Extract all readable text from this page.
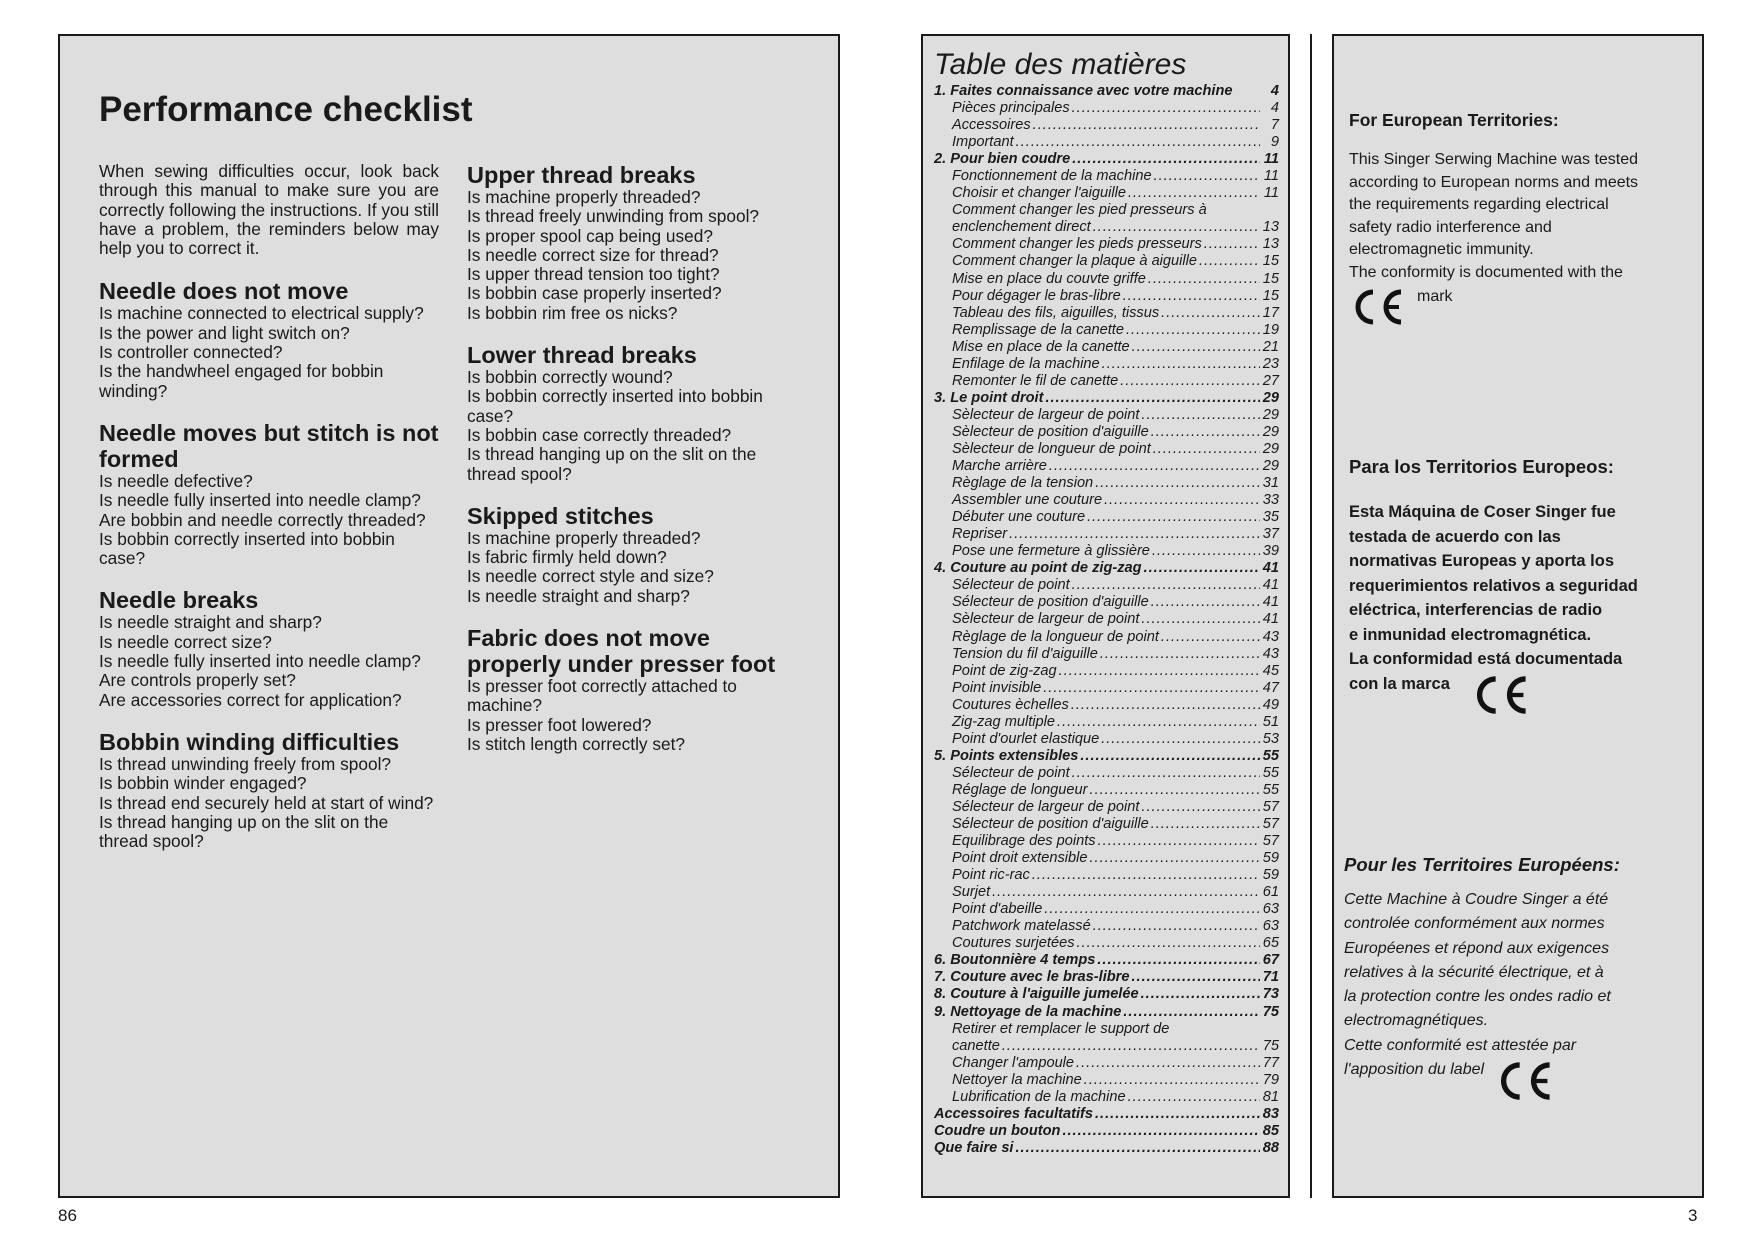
Performance checklist

When sewing difficulties occur, look back through this manual to make sure you are correctly following the instructions. If you still have a problem, the reminders below may help you to correct it.

Needle does not move
Is machine connected to electrical supply?
Is the power and light switch on?
Is controller connected?
Is the handwheel engaged for bobbin winding?
Needle moves but stitch is not formed
Is needle defective?
Is needle fully inserted into needle clamp?
Are bobbin and needle correctly threaded?
Is bobbin correctly inserted into bobbin case?
Needle breaks
Is needle straight and sharp?
Is needle correct size?
Is needle fully inserted into needle clamp?
Are controls properly set?
Are accessories correct for application?
Bobbin winding difficulties
Is thread unwinding freely from spool?
Is bobbin winder engaged?
Is thread end securely held at start of wind?
Is thread hanging up on the slit on the thread spool?
Upper thread breaks
Is machine properly threaded?
Is thread freely unwinding from spool?
Is proper spool cap being used?
Is needle correct size for thread?
Is upper thread tension too tight?
Is bobbin case properly inserted?
Is bobbin rim free os nicks?
Lower thread breaks
Is bobbin correctly wound?
Is bobbin correctly inserted into bobbin case?
Is bobbin case correctly threaded?
Is thread hanging up on the slit on the thread spool?
Skipped stitches
Is machine properly threaded?
Is fabric firmly held down?
Is needle correct style and size?
Is needle straight and sharp?
Fabric does not move properly under presser foot
Is presser foot correctly attached to machine?
Is presser foot lowered?
Is stitch length correctly set?
Table des matières
1. Faites connaissance avec votre machine	4
Pièces principales .....	4
Accessoires .....	7
Important .....	9
2. Pour bien coudre .....	11
Fonctionnement de la machine .....	11
Choisir et changer l'aiguille .....	11
Comment changer les pied presseurs à
enclenchement direct .....	13
Comment changer les pieds presseurs .....	13
Comment changer la plaque à aiguille .....	15
Mise en place du couvte griffe .....	15
Pour dégager le bras-libre .....	15
Tableau des fils, aiguilles, tissus .....	17
Remplissage de la canette .....	19
Mise en place de la canette .....	21
Enfilage de la machine .....	23
Remonter le fil de canette .....	27
3. Le point droit .....	29
Sèlecteur de largeur de point .....	29
Sèlecteur de position d'aiguille .....	29
Sèlecteur de longueur de point .....	29
Marche arrière .....	29
Règlage de la tension .....	31
Assembler une couture .....	33
Débuter une couture .....	35
Repriser .....	37
Pose une fermeture à glissière .....	39
4. Couture au point de zig-zag .....	41
Sélecteur de point .....	41
Sélecteur de position d'aiguille .....	41
Sèlecteur de largeur de point .....	41
Règlage de la longueur de point .....	43
Tension du fil d'aiguille .....	43
Point de zig-zag .....	45
Point invisible .....	47
Coutures èchelles .....	49
Zig-zag multiple .....	51
Point d'ourlet elastique .....	53
5. Points extensibles .....	55
Sélecteur de point .....	55
Réglage de longueur .....	55
Sélecteur de largeur de point .....	57
Sélecteur de position d'aiguille .....	57
Equilibrage des points .....	57
Point droit extensible .....	59
Point ric-rac .....	59
Surjet .....	61
Point d'abeille .....	63
Patchwork matelassé .....	63
Coutures surjetées .....	65
6. Boutonnière 4 temps .....	67
7. Couture avec le bras-libre .....	71
8. Couture à l'aiguille jumelée .....	73
9. Nettoyage de la machine .....	75
Retirer et remplacer le support de
canette .....	75
Changer l'ampoule .....	77
Nettoyer la machine .....	79
Lubrification de la machine .....	81
Accessoires facultatifs .....	83
Coudre un bouton .....	85
Que faire si .....	88
For European Territories:
This Singer Serwing Machine was tested
according to European norms and meets
the requirements regarding electrical
safety radio interference and
electromagnetic immunity.
The conformity is documented with the
mark
Para los Territorios Europeos:
Esta Máquina de Coser Singer fue
testada de acuerdo con las
normativas Europeas y aporta los
requerimientos relativos a seguridad
eléctrica, interferencias de radio
e inmunidad electromagnética.
La conformidad está documentada
con la marca
Pour les Territoires Européens:
Cette Machine à Coudre Singer a été
controlée conformément aux normes
Européenes et répond aux exigences
relatives à la sécurité électrique, et à
la protection contre les ondes radio et
electromagnétiques.
Cette conformité est attestée par
l'apposition du label
86	3
